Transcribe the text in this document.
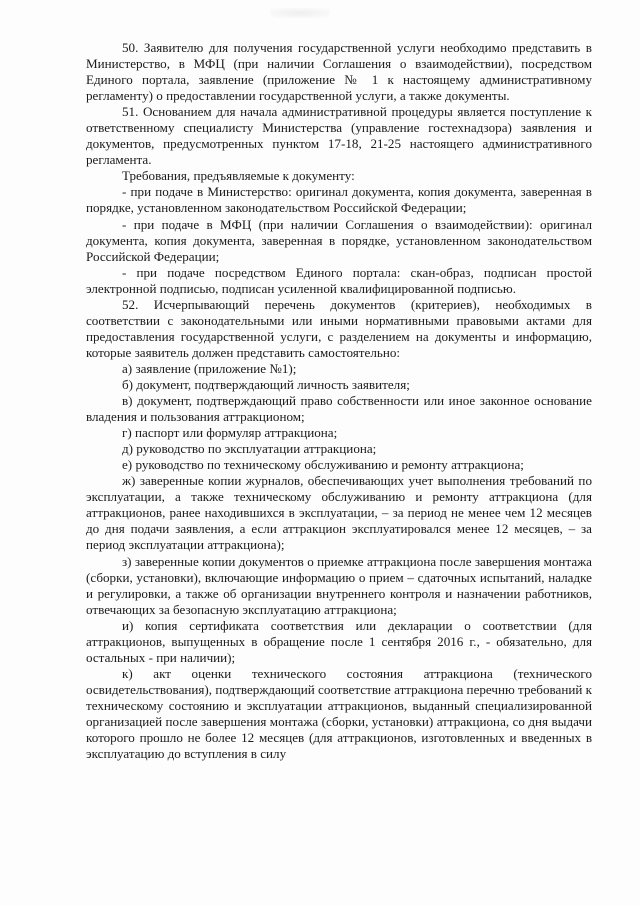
50. Заявителю для получения государственной услуги необходимо представить в Министерство, в МФЦ (при наличии Соглашения о взаимодействии), посредством Единого портала, заявление (приложение № 1 к настоящему административному регламенту) о предоставлении государственной услуги, а также документы.

51. Основанием для начала административной процедуры является поступление к ответственному специалисту Министерства (управление гостехнадзора) заявления и документов, предусмотренных пунктом 17-18, 21-25 настоящего административного регламента.

Требования, предъявляемые к документу:

- при подаче в Министерство: оригинал документа, копия документа, заверенная в порядке, установленном законодательством Российской Федерации;

- при подаче в МФЦ (при наличии Соглашения о взаимодействии): оригинал документа, копия документа, заверенная в порядке, установленном законодательством Российской Федерации;

- при подаче посредством Единого портала: скан-образ, подписан простой электронной подписью, подписан усиленной квалифицированной подписью.

52. Исчерпывающий перечень документов (критериев), необходимых в соответствии с законодательными или иными нормативными правовыми актами для предоставления государственной услуги, с разделением на документы и информацию, которые заявитель должен представить самостоятельно:

а) заявление (приложение №1);

б) документ, подтверждающий личность заявителя;

в) документ, подтверждающий право собственности или иное законное основание владения и пользования аттракционом;

г) паспорт или формуляр аттракциона;

д) руководство по эксплуатации аттракциона;

е) руководство по техническому обслуживанию и ремонту аттракциона;

ж) заверенные копии журналов, обеспечивающих учет выполнения требований по эксплуатации, а также техническому обслуживанию и ремонту аттракциона (для аттракционов, ранее находившихся в эксплуатации, – за период не менее чем 12 месяцев до дня подачи заявления, а если аттракцион эксплуатировался менее 12 месяцев, – за период эксплуатации аттракциона);

з) заверенные копии документов о приемке аттракциона после завершения монтажа (сборки, установки), включающие информацию о прием – сдаточных испытаний, наладке и регулировки, а также об организации внутреннего контроля и назначении работников, отвечающих за безопасную эксплуатацию аттракциона;

и) копия сертификата соответствия или декларации о соответствии (для аттракционов, выпущенных в обращение после 1 сентября 2016 г., - обязательно, для остальных - при наличии);

к) акт оценки технического состояния аттракциона (технического освидетельствования), подтверждающий соответствие аттракциона перечню требований к техническому состоянию и эксплуатации аттракционов, выданный специализированной организацией после завершения монтажа (сборки, установки) аттракциона, со дня выдачи которого прошло не более 12 месяцев (для аттракционов, изготовленных и введенных в эксплуатацию до вступления в силу
